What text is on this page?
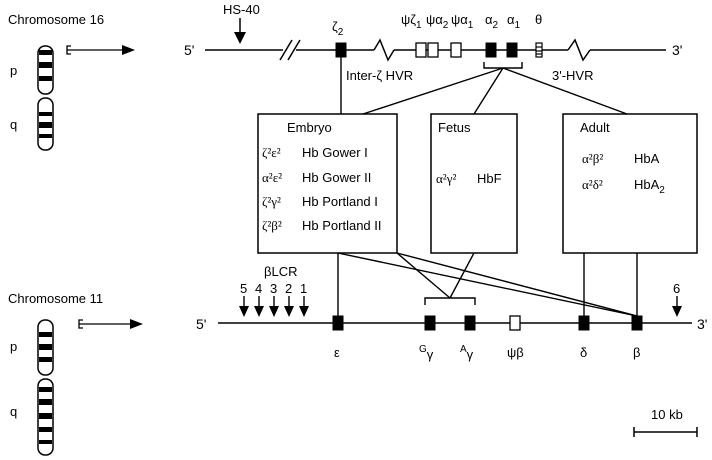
Chromosome 16
p
q
5'	3'
HS-40
$\zeta_2$
$\psi\zeta_1$ $\psi\alpha_2$ $\psi\alpha_1$ $\alpha_2$ $\alpha_1$ θ
Inter-ζ HVR	3'-HVR
Embryo
ζ²ε² Hb Gower I
α²ε² Hb Gower II
ζ²γ² Hb Portland I
ζ²β² Hb Portland II
Fetus
α²γ² HbF
Adult
α²β² HbA
α²δ² HbA$_2$
Chromosome 11
p
q
5'	3'
βLCR
5 4 3 2 1	6
ε	$^G$γ	$^A$γ	ψβ	δ	β
10 kb
